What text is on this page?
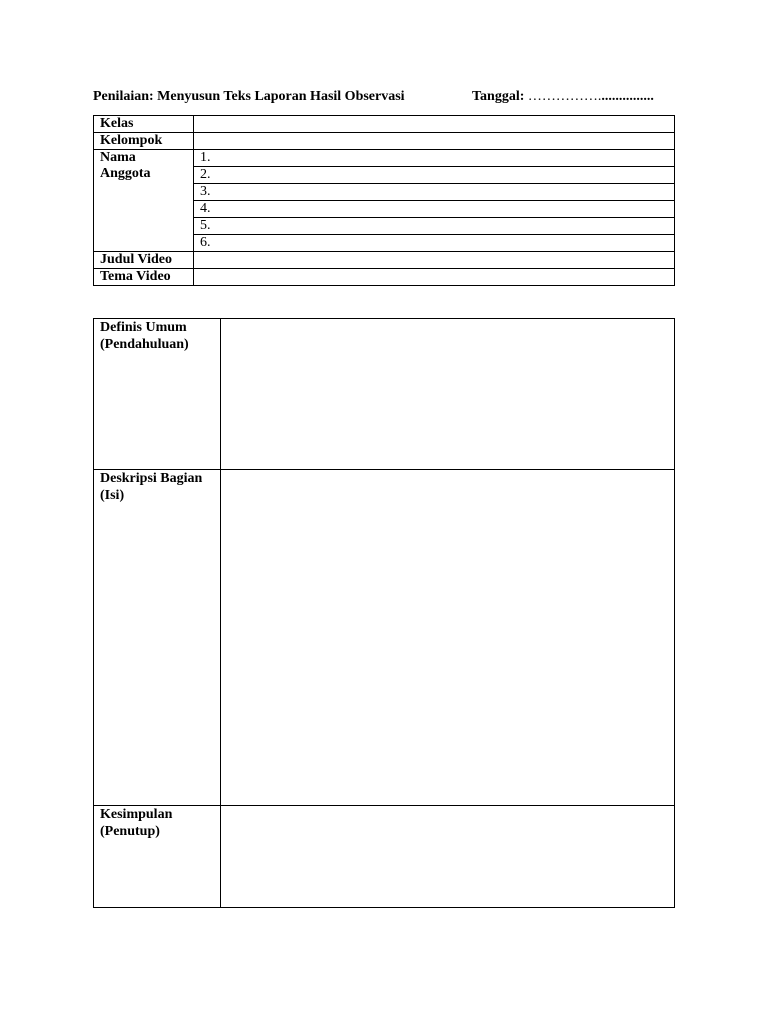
Penilaian: Menyusun Teks Laporan Hasil Observasi	Tanggal: ……………................
Kelas	
Kelompok	
Nama
Anggota	1.
	2.
	3.
	4.
	5.
	6.
Judul Video	
Tema Video	
Definis Umum
(Pendahuluan)	
Deskripsi Bagian
(Isi)	
Kesimpulan
(Penutup)	
